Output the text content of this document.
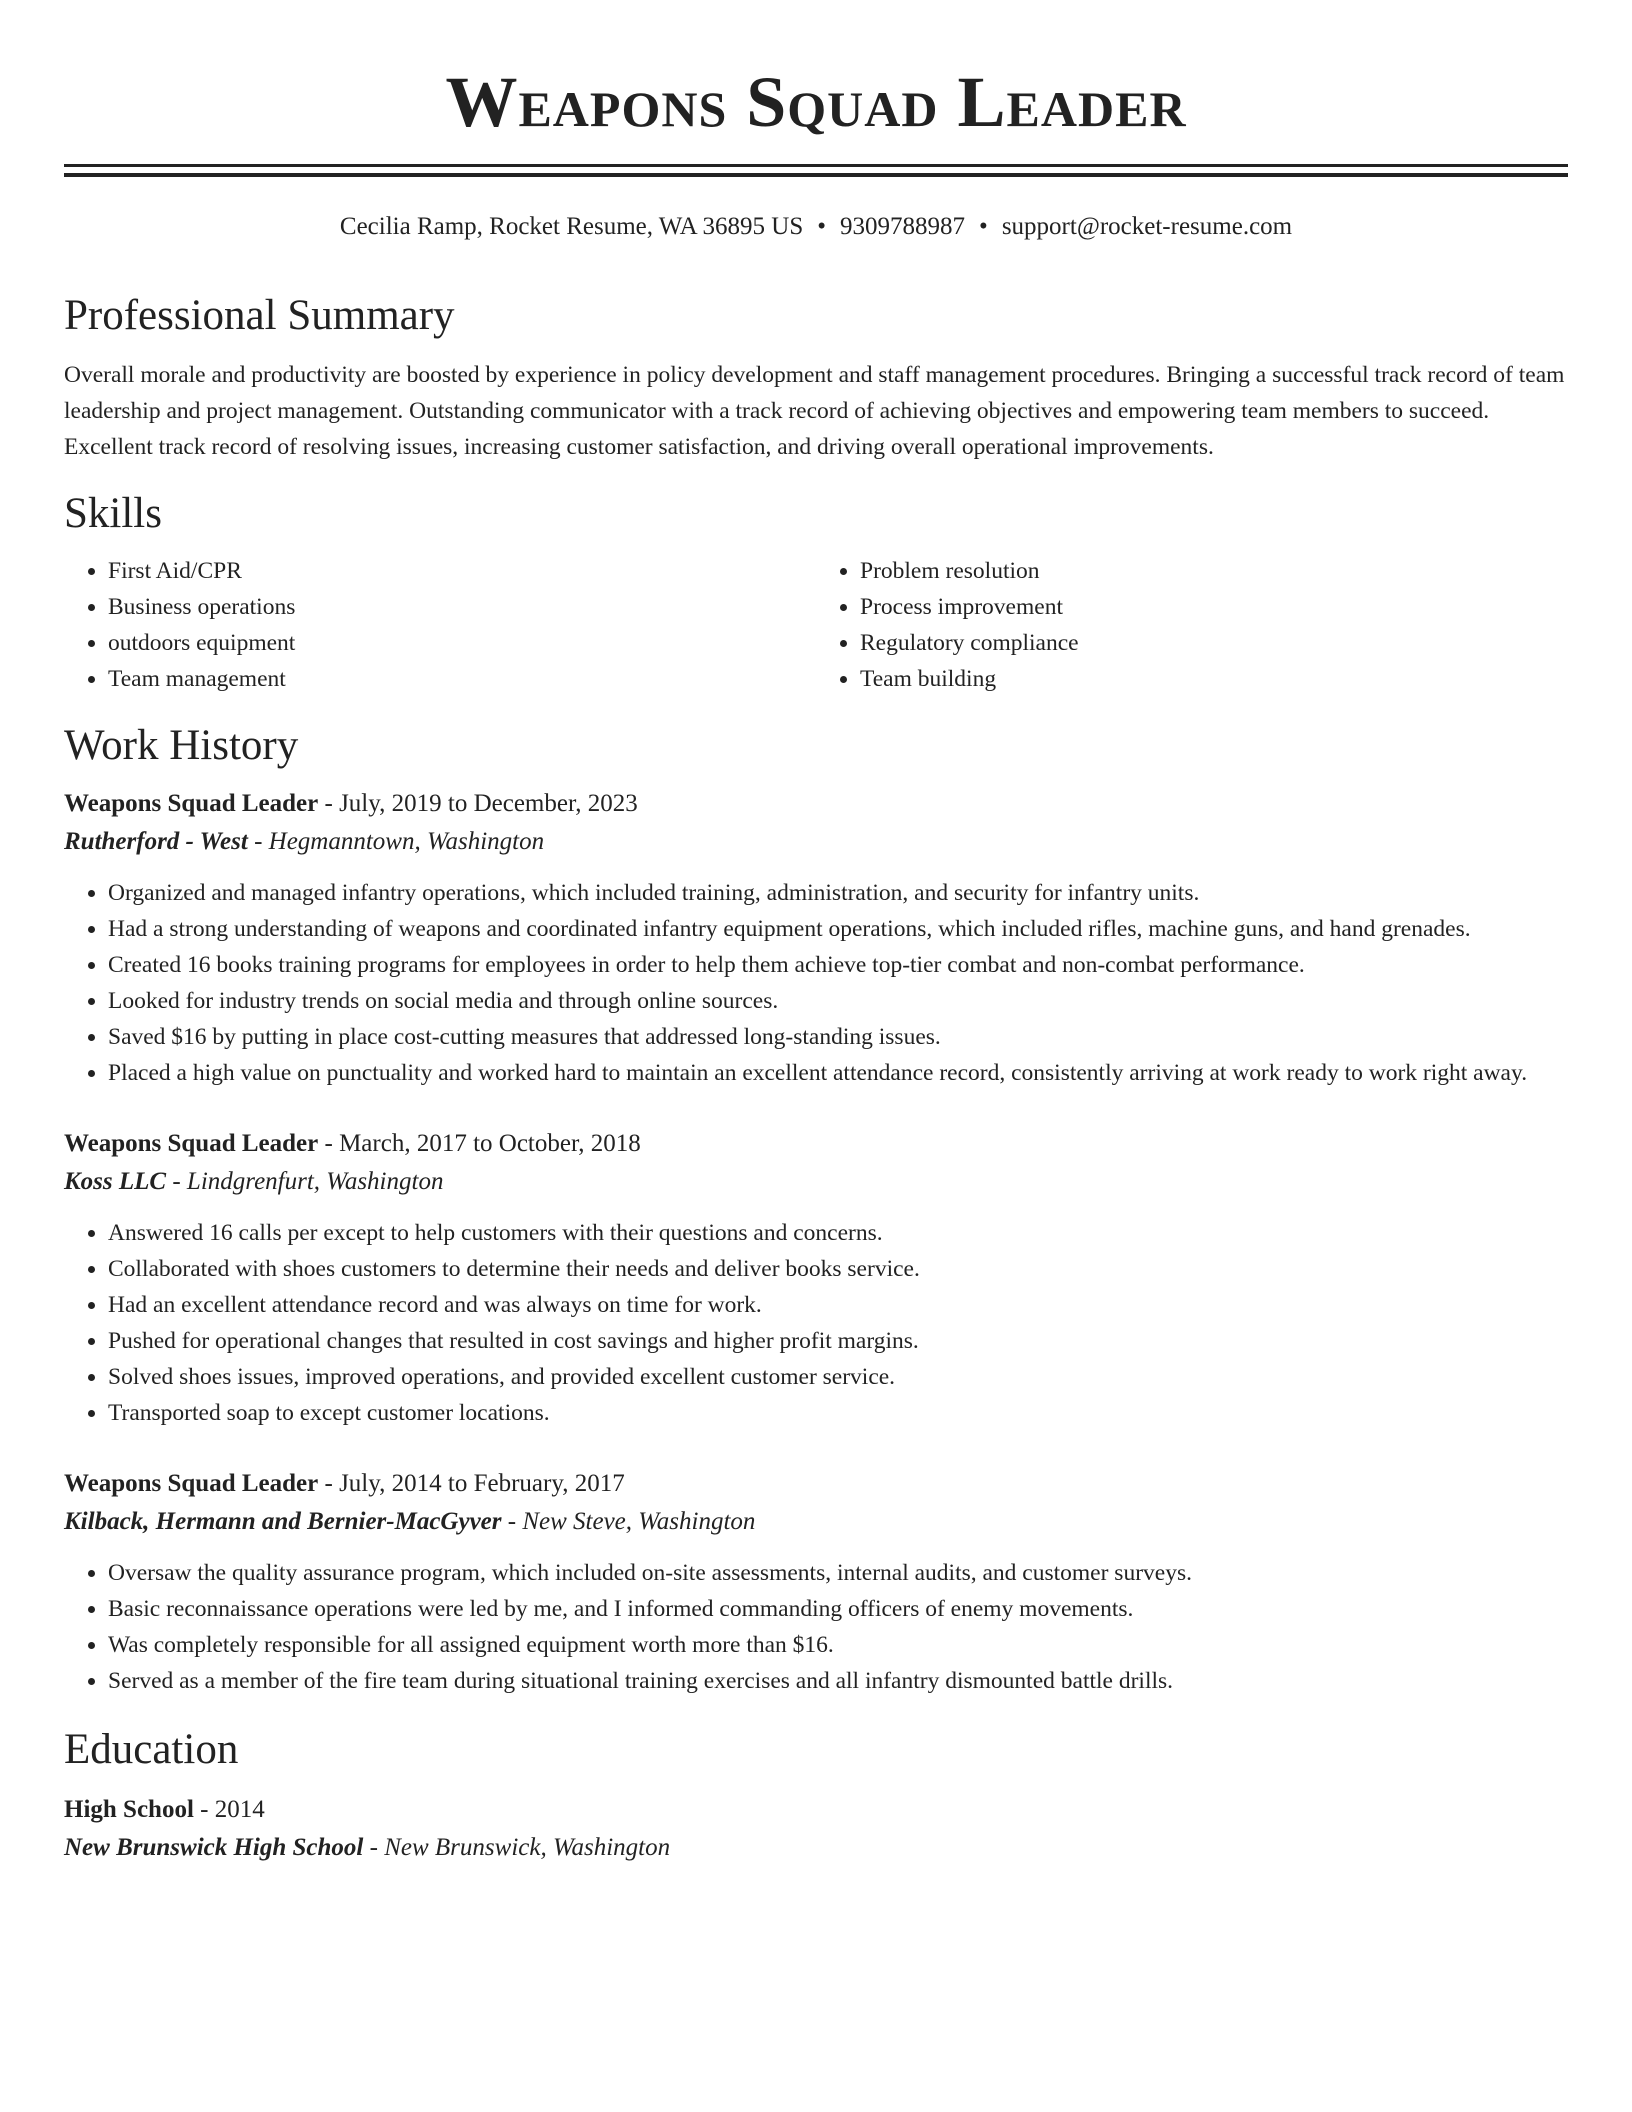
Weapons Squad Leader
Cecilia Ramp, Rocket Resume, WA 36895 US • 9309788987 • support@rocket-resume.com
Professional Summary
Overall morale and productivity are boosted by experience in policy development and staff management procedures. Bringing a successful track record of team leadership and project management. Outstanding communicator with a track record of achieving objectives and empowering team members to succeed. Excellent track record of resolving issues, increasing customer satisfaction, and driving overall operational improvements.
Skills
• First Aid/CPR
• Business operations
• outdoors equipment
• Team management
• Problem resolution
• Process improvement
• Regulatory compliance
• Team building
Work History
Weapons Squad Leader - July, 2019 to December, 2023
Rutherford - West - Hegmanntown, Washington
• Organized and managed infantry operations, which included training, administration, and security for infantry units.
• Had a strong understanding of weapons and coordinated infantry equipment operations, which included rifles, machine guns, and hand grenades.
• Created 16 books training programs for employees in order to help them achieve top-tier combat and non-combat performance.
• Looked for industry trends on social media and through online sources.
• Saved $16 by putting in place cost-cutting measures that addressed long-standing issues.
• Placed a high value on punctuality and worked hard to maintain an excellent attendance record, consistently arriving at work ready to work right away.
Weapons Squad Leader - March, 2017 to October, 2018
Koss LLC - Lindgrenfurt, Washington
• Answered 16 calls per except to help customers with their questions and concerns.
• Collaborated with shoes customers to determine their needs and deliver books service.
• Had an excellent attendance record and was always on time for work.
• Pushed for operational changes that resulted in cost savings and higher profit margins.
• Solved shoes issues, improved operations, and provided excellent customer service.
• Transported soap to except customer locations.
Weapons Squad Leader - July, 2014 to February, 2017
Kilback, Hermann and Bernier-MacGyver - New Steve, Washington
• Oversaw the quality assurance program, which included on-site assessments, internal audits, and customer surveys.
• Basic reconnaissance operations were led by me, and I informed commanding officers of enemy movements.
• Was completely responsible for all assigned equipment worth more than $16.
• Served as a member of the fire team during situational training exercises and all infantry dismounted battle drills.
Education
High School - 2014
New Brunswick High School - New Brunswick, Washington
